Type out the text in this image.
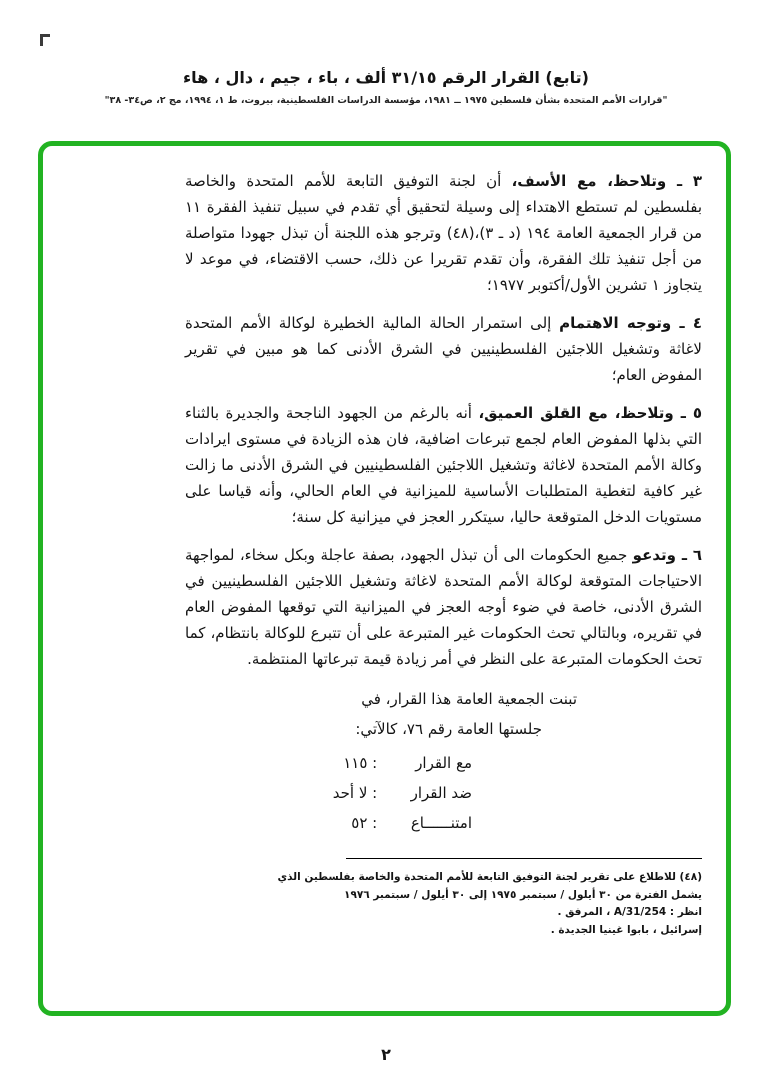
(تابع) القرار الرقم ٣١/١٥ ألف ، باء ، جيم ، دال ، هاء
"قرارات الأمم المتحدة بشأن فلسطين ١٩٧٥ ــ ١٩٨١، مؤسسة الدراسات الفلسطينية، بيروت، ط ١، ١٩٩٤، مج ٢، ص٣٤- ٣٨"

٣ ـ وتلاحظ، مع الأسف، أن لجنة التوفيق التابعة للأمم المتحدة والخاصة بفلسطين لم تستطع الاهتداء إلى وسيلة لتحقيق أي تقدم في سبيل تنفيذ الفقرة ١١ من قرار الجمعية العامة ١٩٤ (د ـ ٣)،(٤٨) وترجو هذه اللجنة أن تبذل جهودا متواصلة من أجل تنفيذ تلك الفقرة، وأن تقدم تقريرا عن ذلك، حسب الاقتضاء، في موعد لا يتجاوز ١ تشرين الأول/أكتوبر ١٩٧٧؛

٤ ـ وتوجه الاهتمام إلى استمرار الحالة المالية الخطيرة لوكالة الأمم المتحدة لاغاثة وتشغيل اللاجئين الفلسطينيين في الشرق الأدنى كما هو مبين في تقرير المفوض العام؛

٥ ـ وتلاحظ، مع القلق العميق، أنه بالرغم من الجهود الناجحة والجديرة بالثناء التي بذلها المفوض العام لجمع تبرعات اضافية، فان هذه الزيادة في مستوى ايرادات وكالة الأمم المتحدة لاغاثة وتشغيل اللاجئين الفلسطينيين في الشرق الأدنى ما زالت غير كافية لتغطية المتطلبات الأساسية للميزانية في العام الحالي، وأنه قياسا على مستويات الدخل المتوقعة حاليا، سيتكرر العجز في ميزانية كل سنة؛

٦ ـ وتدعو جميع الحكومات الى أن تبذل الجهود، بصفة عاجلة وبكل سخاء، لمواجهة الاحتياجات المتوقعة لوكالة الأمم المتحدة لاغاثة وتشغيل اللاجئين الفلسطينيين في الشرق الأدنى، خاصة في ضوء أوجه العجز في الميزانية التي توقعها المفوض العام في تقريره، وبالتالي تحث الحكومات غير المتبرعة على أن تتبرع للوكالة بانتظام، كما تحث الحكومات المتبرعة على النظر في أمر زيادة قيمة تبرعاتها المنتظمة.

تبنت الجمعية العامة هذا القرار، في
جلستها العامة رقم ٧٦، كالآتي:
مع القرار
:
١١٥
ضد القرار
:
لا أحد
امتنــــــاع
:
٥٢
(٤٨) للاطلاع على تقرير لجنة التوفيق التابعة للأمم المتحدة والخاصة بفلسطين الذي
يشمل الفترة من ٣٠ أيلول / سبتمبر ١٩٧٥ إلى ٣٠ أيلول / سبتمبر ١٩٧٦
انظر : A/31/254 ، المرفق .
إسرائيل ، بابوا غينيا الجديدة .
٢
